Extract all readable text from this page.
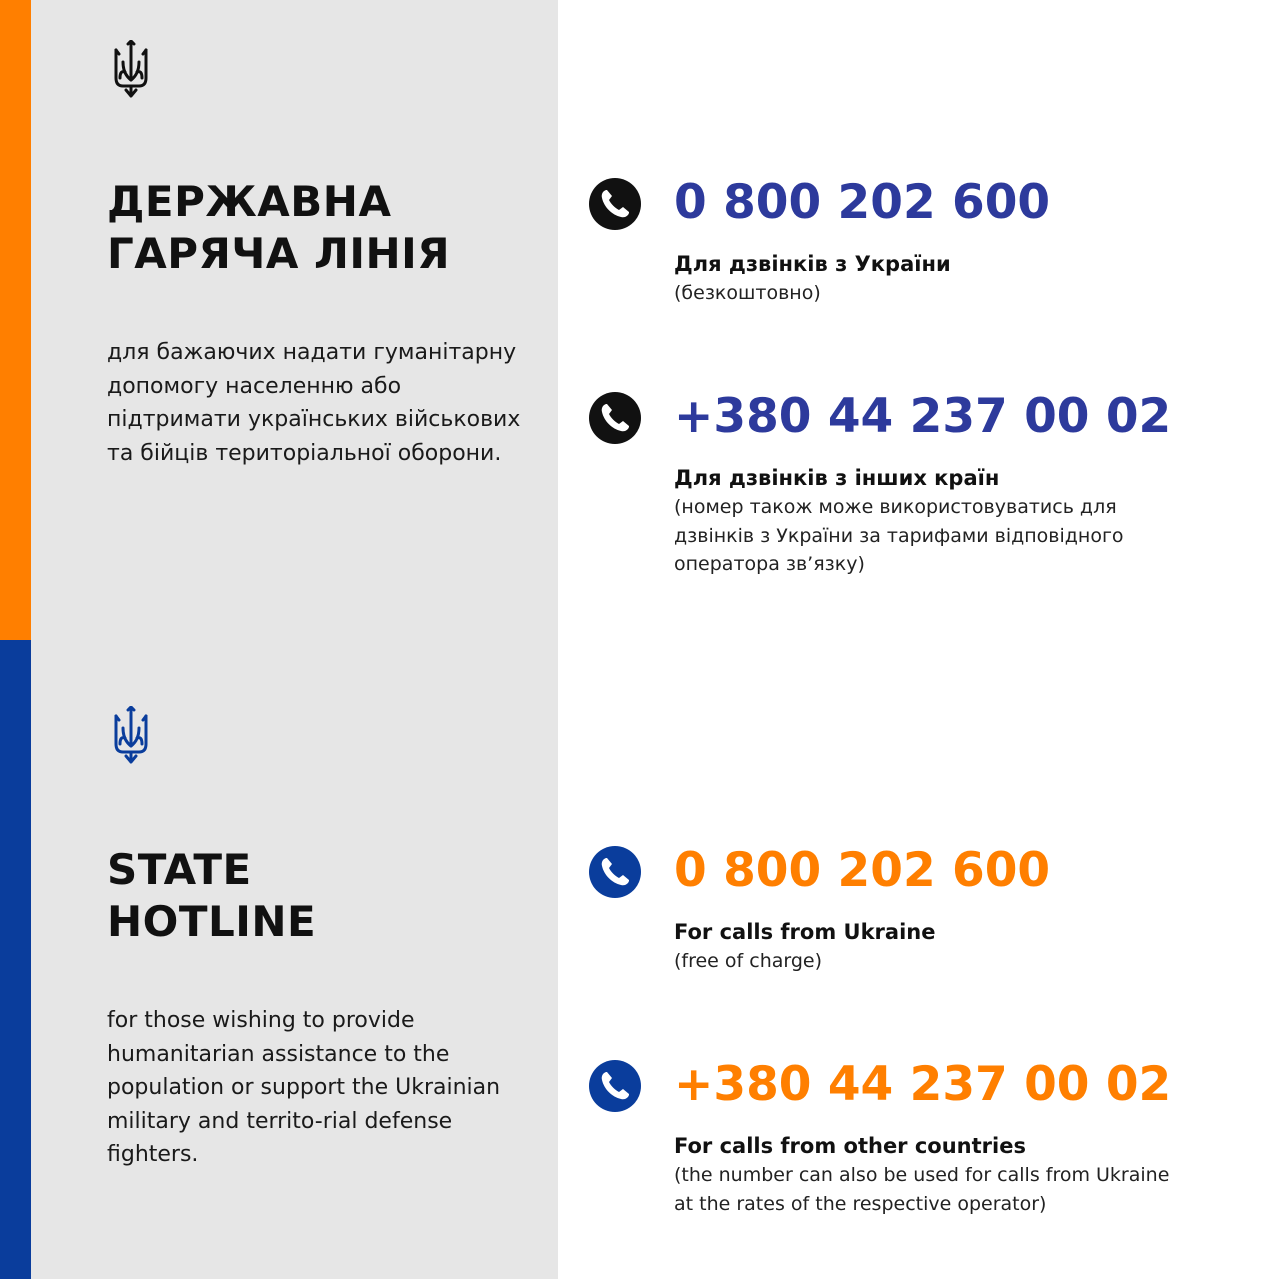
ДЕРЖАВНА
ГАРЯЧА ЛІНІЯ

для бажаючих надати гуманітарну допомогу населенню або підтримати українських військових та бійців територіальної оборони.

0 800 202 600
Для дзвінків з України
(безкоштовно)
+380 44 237 00 02
Для дзвінків з інших країн
(номер також може використовуватись для дзвінків з України за тарифами відповідного оператора зв’язку)
STATE
HOTLINE

for those wishing to provide humanitarian assistance to the population or support the Ukrainian military and territo-rial defense fighters.

0 800 202 600
For calls from Ukraine
(free of charge)
+380 44 237 00 02
For calls from other countries
(the number can also be used for calls from Ukraine at the rates of the respective operator)
